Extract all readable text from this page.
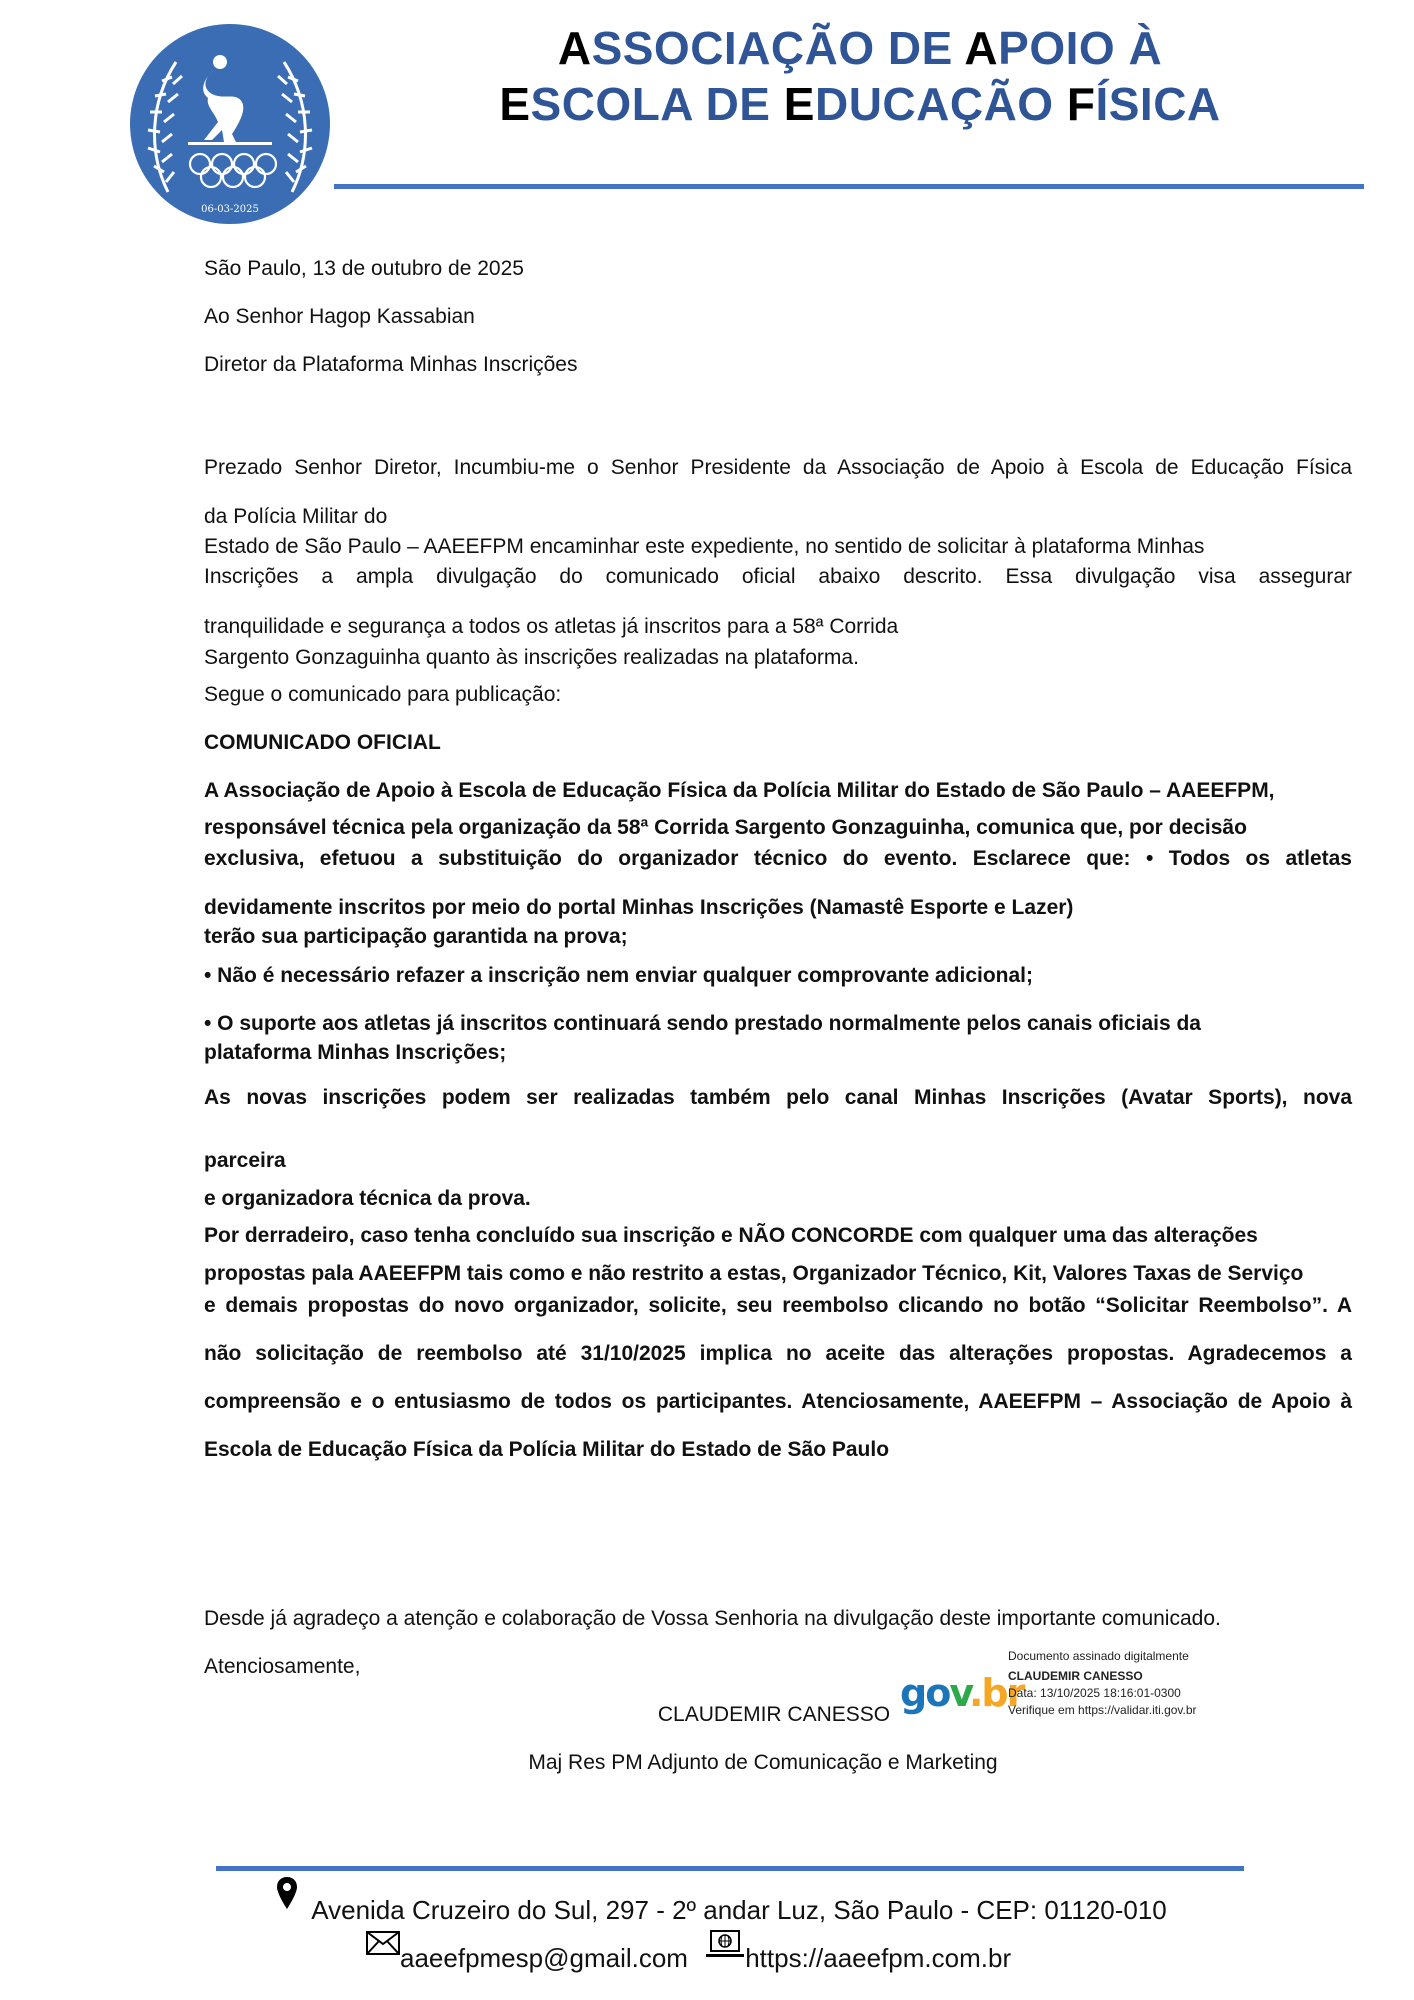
06-03-2025
ASSOCIAÇÃO DE APOIO À
ESCOLA DE EDUCAÇÃO FÍSICA
São Paulo, 13 de outubro de 2025
Ao Senhor Hagop Kassabian
Diretor da Plataforma Minhas Inscrições
Prezado Senhor Diretor, Incumbiu-me o Senhor Presidente da Associação de Apoio à Escola de Educação Física
da Polícia Militar do
Estado de São Paulo – AAEEFPM encaminhar este expediente, no sentido de solicitar à plataforma Minhas
Inscrições a ampla divulgação do comunicado oficial abaixo descrito. Essa divulgação visa assegurar
tranquilidade e segurança a todos os atletas já inscritos para a 58ª Corrida
Sargento Gonzaguinha quanto às inscrições realizadas na plataforma.
Segue o comunicado para publicação:
COMUNICADO OFICIAL
A Associação de Apoio à Escola de Educação Física da Polícia Militar do Estado de São Paulo – AAEEFPM,
responsável técnica pela organização da 58ª Corrida Sargento Gonzaguinha, comunica que, por decisão
exclusiva, efetuou a substituição do organizador técnico do evento. Esclarece que: • Todos os atletas
devidamente inscritos por meio do portal Minhas Inscrições (Namastê Esporte e Lazer)
terão sua participação garantida na prova;
• Não é necessário refazer a inscrição nem enviar qualquer comprovante adicional;
• O suporte aos atletas já inscritos continuará sendo prestado normalmente pelos canais oficiais da
plataforma Minhas Inscrições;
As novas inscrições podem ser realizadas também pelo canal Minhas Inscrições (Avatar Sports), nova
parceira
e organizadora técnica da prova.
Por derradeiro, caso tenha concluído sua inscrição e NÃO CONCORDE com qualquer uma das alterações
propostas pala AAEEFPM tais como e não restrito a estas, Organizador Técnico, Kit, Valores Taxas de Serviço
e demais propostas do novo organizador, solicite, seu reembolso clicando no botão “Solicitar Reembolso”. A
não solicitação de reembolso até 31/10/2025 implica no aceite das alterações propostas. Agradecemos a
compreensão e o entusiasmo de todos os participantes. Atenciosamente, AAEEFPM – Associação de Apoio à
Escola de Educação Física da Polícia Militar do Estado de São Paulo
Desde já agradeço a atenção e colaboração de Vossa Senhoria na divulgação deste importante comunicado.
Atenciosamente,
gov.br
Documento assinado digitalmente
CLAUDEMIR CANESSO
Data: 13/10/2025 18:16:01-0300
Verifique em https://validar.iti.gov.br
CLAUDEMIR CANESSO
Maj Res PM Adjunto de Comunicação e Marketing
Avenida Cruzeiro do Sul, 297 - 2º andar Luz, São Paulo - CEP: 01120-010
aaeefpmesp@gmail.com https://aaeefpm.com.br
